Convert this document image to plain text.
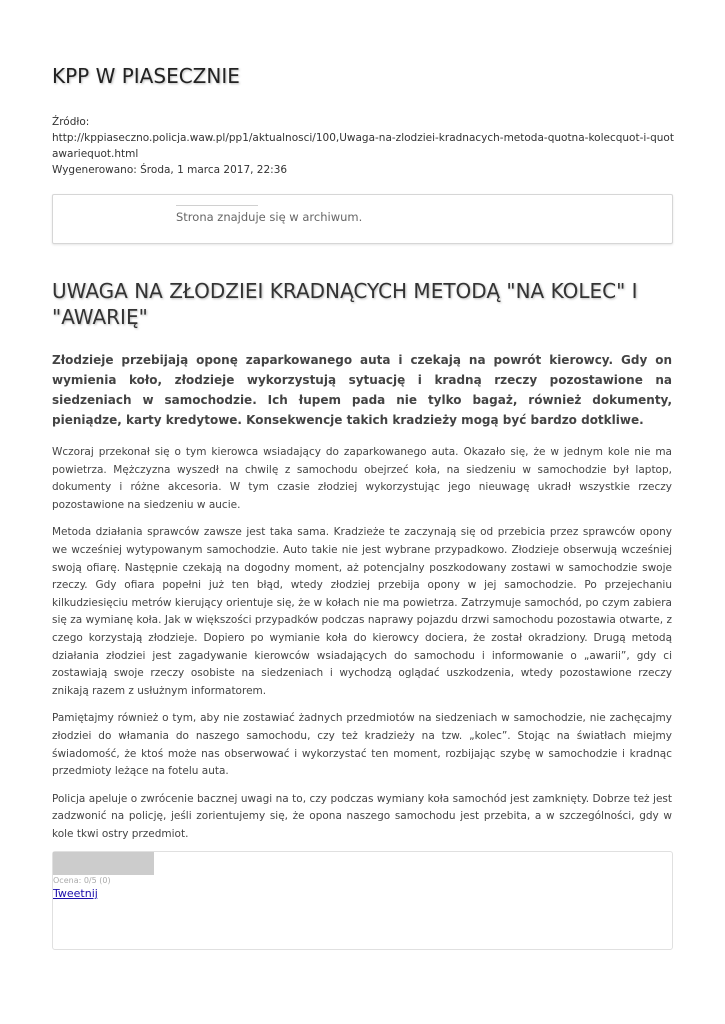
KPP W PIASECZNIE
Źródło:
http://kppiaseczno.policja.waw.pl/pp1/aktualnosci/100,Uwaga-na-zlodziei-kradnacych-metoda-quotna-kolecquot-i-quotawariequot.html
Wygenerowano: Środa, 1 marca 2017, 22:36
Strona znajduje się w archiwum.
UWAGA NA ZŁODZIEI KRADNĄCYCH METODĄ "NA KOLEC" I "AWARIĘ"

Złodzieje przebijają oponę zaparkowanego auta i czekają na powrót kierowcy. Gdy on wymienia koło, złodzieje wykorzystują sytuację i kradną rzeczy pozostawione na siedzeniach w samochodzie. Ich łupem pada nie tylko bagaż, również dokumenty, pieniądze, karty kredytowe. Konsekwencje takich kradzieży mogą być bardzo dotkliwe.

Wczoraj przekonał się o tym kierowca wsiadający do zaparkowanego auta. Okazało się, że w jednym kole nie ma powietrza. Mężczyzna wyszedł na chwilę z samochodu obejrzeć koła, na siedzeniu w samochodzie był laptop, dokumenty i różne akcesoria. W tym czasie złodziej wykorzystując jego nieuwagę ukradł wszystkie rzeczy pozostawione na siedzeniu w aucie.

Metoda działania sprawców zawsze jest taka sama. Kradzieże te zaczynają się od przebicia przez sprawców opony we wcześniej wytypowanym samochodzie. Auto takie nie jest wybrane przypadkowo. Złodzieje obserwują wcześniej swoją ofiarę. Następnie czekają na dogodny moment, aż potencjalny poszkodowany zostawi w samochodzie swoje rzeczy. Gdy ofiara popełni już ten błąd, wtedy złodziej przebija opony w jej samochodzie. Po przejechaniu kilkudziesięciu metrów kierujący orientuje się, że w kołach nie ma powietrza. Zatrzymuje samochód, po czym zabiera się za wymianę koła. Jak w większości przypadków podczas naprawy pojazdu drzwi samochodu pozostawia otwarte, z czego korzystają złodzieje. Dopiero po wymianie koła do kierowcy dociera, że został okradziony. Drugą metodą działania złodziei jest zagadywanie kierowców wsiadających do samochodu i informowanie o „awarii”, gdy ci zostawiają swoje rzeczy osobiste na siedzeniach i wychodzą oglądać uszkodzenia, wtedy pozostawione rzeczy znikają razem z usłużnym informatorem.

Pamiętajmy również o tym, aby nie zostawiać żadnych przedmiotów na siedzeniach w samochodzie, nie zachęcajmy złodziei do włamania do naszego samochodu, czy też kradzieży na tzw. „kolec”. Stojąc na światłach miejmy świadomość, że ktoś może nas obserwować i wykorzystać ten moment, rozbijając szybę w samochodzie i kradnąc przedmioty leżące na fotelu auta.

Policja apeluje o zwrócenie bacznej uwagi na to, czy podczas wymiany koła samochód jest zamknięty. Dobrze też jest zadzwonić na policję, jeśli zorientujemy się, że opona naszego samochodu jest przebita, a w szczególności, gdy w kole tkwi ostry przedmiot.

Ocena: 0/5 (0)
Tweetnij
